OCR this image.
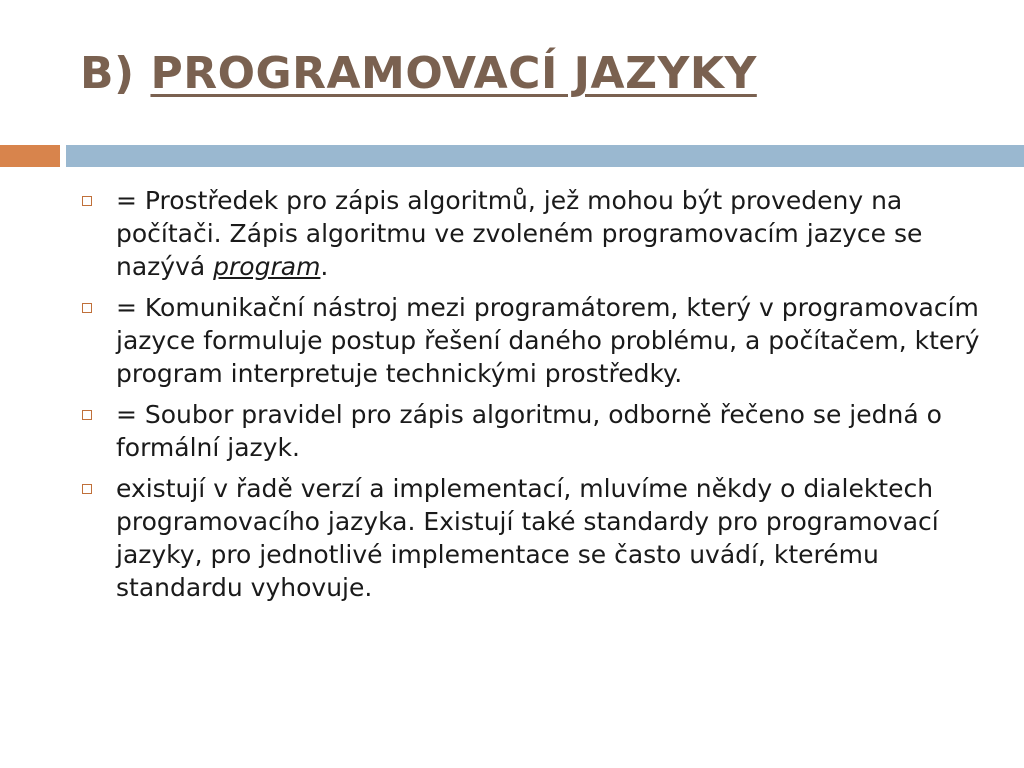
B) PROGRAMOVACÍ JAZYKY
= Prostředek pro zápis algoritmů, jež mohou být provedeny na počítači. Zápis algoritmu ve zvoleném programovacím jazyce se nazývá program.
= Komunikační nástroj mezi programátorem, který v programovacím jazyce formuluje postup řešení daného problému, a počítačem, který program interpretuje technickými prostředky.
= Soubor pravidel pro zápis algoritmu, odborně řečeno se jedná o formální jazyk.
existují v řadě verzí a implementací, mluvíme někdy o dialektech programovacího jazyka. Existují také standardy pro programovací jazyky, pro jednotlivé implementace se často uvádí, kterému standardu vyhovuje.
